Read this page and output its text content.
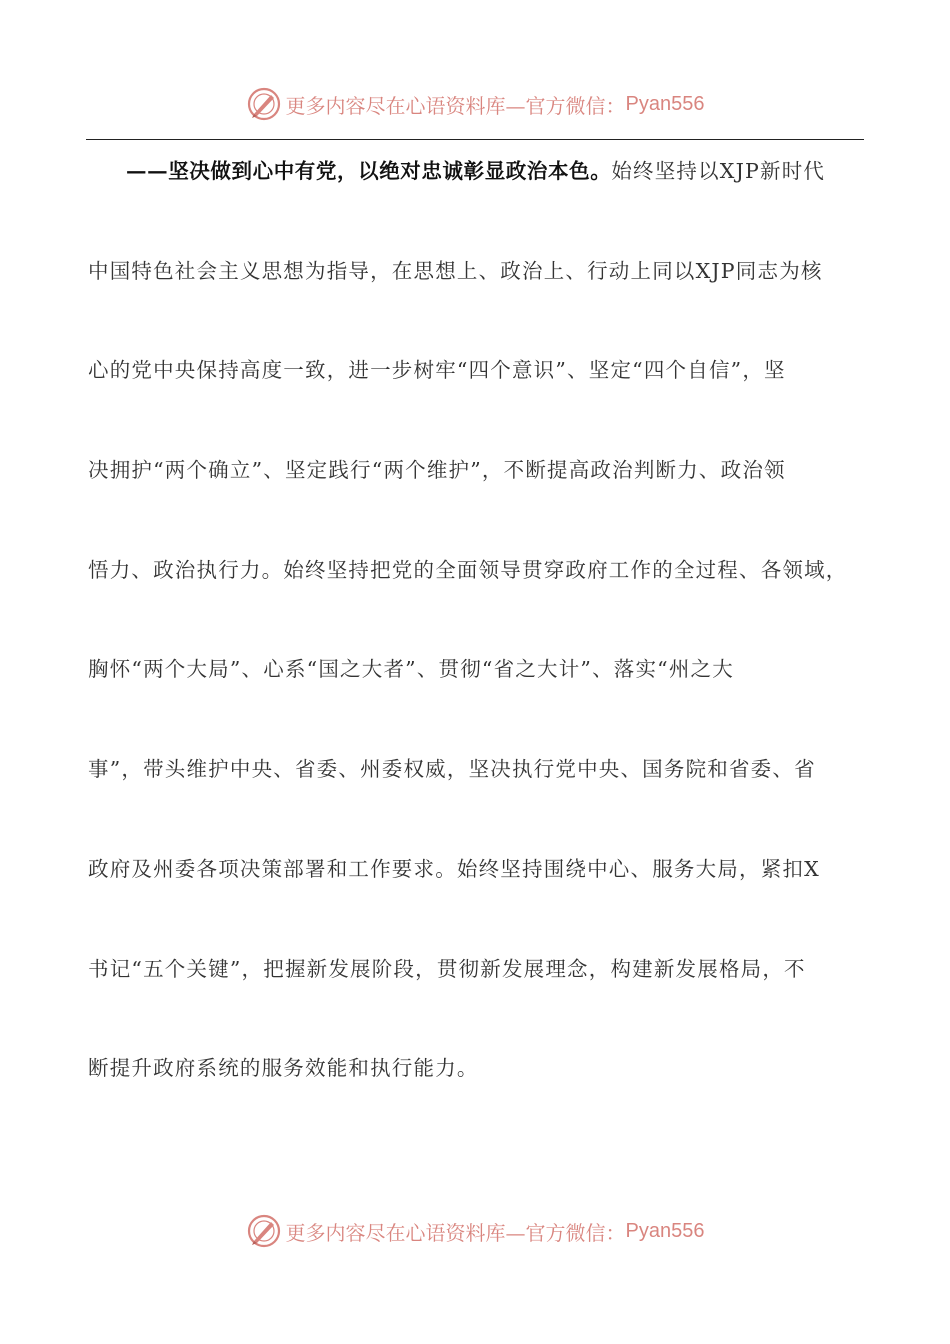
更多内容尽在心语资料库—官方微信： Pyan556
——坚决做到心中有党，以绝对忠诚彰显政治本色。始终坚持以XJP新时代
中国特色社会主义思想为指导，在思想上、政治上、行动上同以XJP同志为核
心的党中央保持高度一致，进一步树牢“四个意识”、坚定“四个自信”，坚
决拥护“两个确立”、坚定践行“两个维护”，不断提高政治判断力、政治领
悟力、政治执行力。始终坚持把党的全面领导贯穿政府工作的全过程、各领域，
胸怀“两个大局”、心系“国之大者”、贯彻“省之大计”、落实“州之大
事”，带头维护中央、省委、州委权威，坚决执行党中央、国务院和省委、省
政府及州委各项决策部署和工作要求。始终坚持围绕中心、服务大局，紧扣X
书记“五个关键”，把握新发展阶段，贯彻新发展理念，构建新发展格局，不
断提升政府系统的服务效能和执行能力。
更多内容尽在心语资料库—官方微信： Pyan556
